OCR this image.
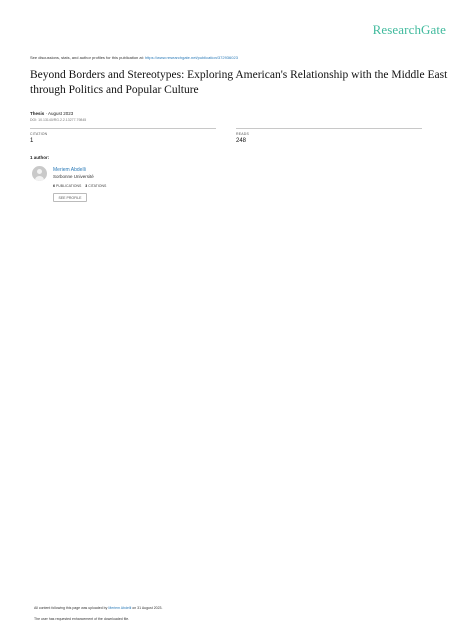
ResearchGate
See discussions, stats, and author profiles for this publication at: https://www.researchgate.net/publication/372936023
Beyond Borders and Stereotypes: Exploring American's Relationship with the Middle East through Politics and Popular Culture
Thesis · August 2023
DOI: 10.13140/RG.2.2.13277.79845
CITATION
1
READS
248
1 author:
Meriem Abdelli
Sorbonne Université
6 PUBLICATIONS 3 CITATIONS
SEE PROFILE
All content following this page was uploaded by Meriem Abdelli on 31 August 2023.
The user has requested enhancement of the downloaded file.
